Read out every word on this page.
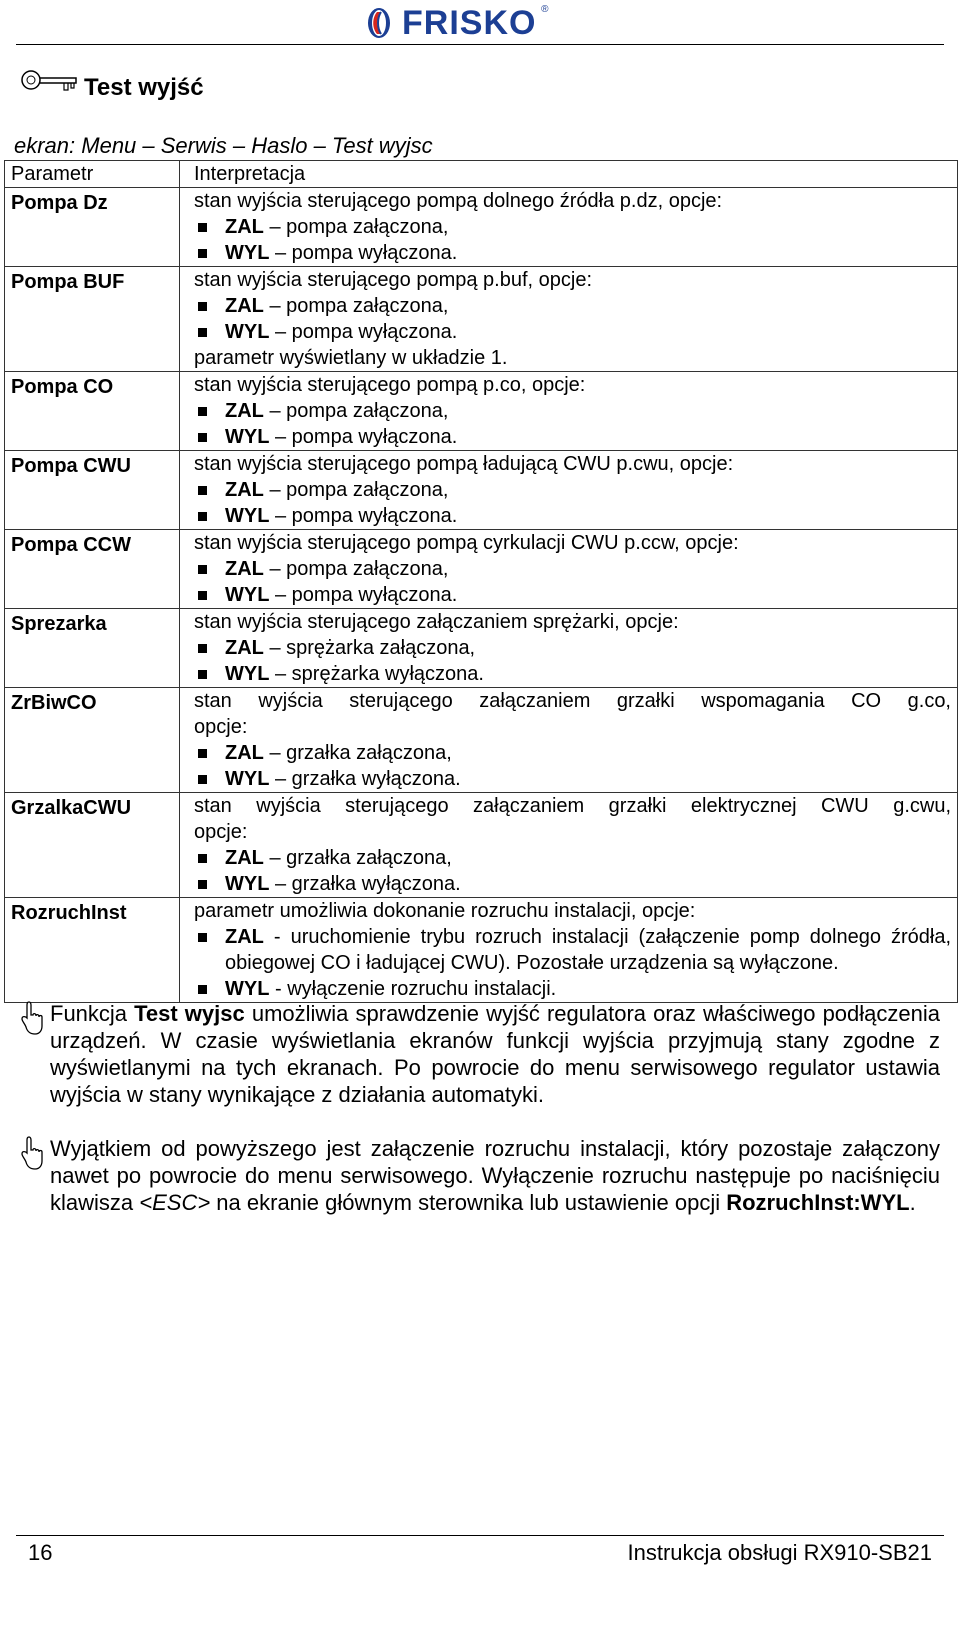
FRISKO ®
Test wyjść
ekran: Menu – Serwis – Haslo – Test wyjsc
Parametr	Interpretacja
Pompa Dz	stan wyjścia sterującego pompą dolnego źródła p.dz, opcje:
ZAL – pompa załączona,
WYL – pompa wyłączona.

Pompa BUF	stan wyjścia sterującego pompą p.buf, opcje:
ZAL – pompa załączona,
WYL – pompa wyłączona.
parametr wyświetlany w układzie 1.

Pompa CO	stan wyjścia sterującego pompą p.co, opcje:
ZAL – pompa załączona,
WYL – pompa wyłączona.

Pompa CWU	stan wyjścia sterującego pompą ładującą CWU p.cwu, opcje:
ZAL – pompa załączona,
WYL – pompa wyłączona.

Pompa CCW	stan wyjścia sterującego pompą cyrkulacji CWU p.ccw, opcje:
ZAL – pompa załączona,
WYL – pompa wyłączona.

Sprezarka	stan wyjścia sterującego załączaniem sprężarki, opcje:
ZAL – sprężarka załączona,
WYL – sprężarka wyłączona.

ZrBiwCO	stan wyjścia sterującego załączaniem grzałki wspomagania CO g.co,
opcje:
ZAL – grzałka załączona,
WYL – grzałka wyłączona.

GrzalkaCWU	stan wyjścia sterującego załączaniem grzałki elektrycznej CWU g.cwu,
opcje:
ZAL – grzałka załączona,
WYL – grzałka wyłączona.

RozruchInst	parametr umożliwia dokonanie rozruchu instalacji, opcje:
ZAL - uruchomienie trybu rozruch instalacji (załączenie pomp dolnego źródła, obiegowej CO i ładującej CWU). Pozostałe urządzenia są wyłączone.
WYL - wyłączenie rozruchu instalacji.
Funkcja Test wyjsc umożliwia sprawdzenie wyjść regulatora oraz właściwego podłączenia urządzeń. W czasie wyświetlania ekranów funkcji wyjścia przyjmują stany zgodne z wyświetlanymi na tych ekranach. Po powrocie do menu serwisowego regulator ustawia wyjścia w stany wynikające z działania automatyki.
Wyjątkiem od powyższego jest załączenie rozruchu instalacji, który pozostaje załączony nawet po powrocie do menu serwisowego. Wyłączenie rozruchu następuje po naciśnięciu klawisza <ESC> na ekranie głównym sterownika lub ustawienie opcji RozruchInst:WYL.
16	Instrukcja obsługi RX910-SB21
